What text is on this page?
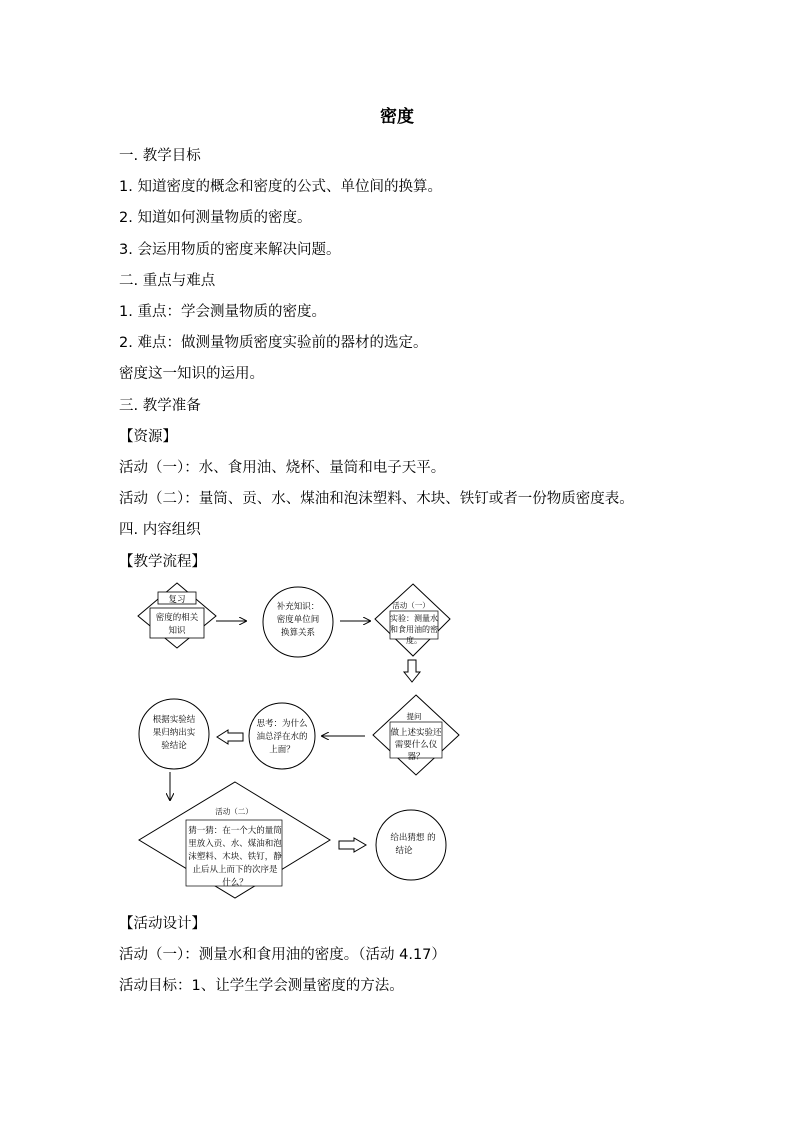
密度
一. 教学目标
1. 知道密度的概念和密度的公式、单位间的换算。
2. 知道如何测量物质的密度。
3. 会运用物质的密度来解决问题。
二. 重点与难点
1. 重点：学会测量物质的密度。
2. 难点：做测量物质密度实验前的器材的选定。
密度这一知识的运用。
三. 教学准备
【资源】
活动（一）：水、食用油、烧杯、量筒和电子天平。
活动（二）：量筒、贡、水、煤油和泡沫塑料、木块、铁钉或者一份物质密度表。
四. 内容组织
【教学流程】
复习
密度的相关
知识
补充知识：
密度单位间
换算关系
活动（一）
实验：测量水
和食用油的密
度。
提问
做上述实验还
需要什么仪
器？
思考：为什么
油总浮在水的
上面？
根据实验结
果归纳出实
验结论
活动（二）
猜一猜：在一个大的量筒
里放入贡、水、煤油和泡
沫塑料、木块、铁钉，静
止后从上而下的次序是
什么？
给出猜想 的
结论
【活动设计】
活动（一）：测量水和食用油的密度。（活动 4.17）
活动目标：1、让学生学会测量密度的方法。
